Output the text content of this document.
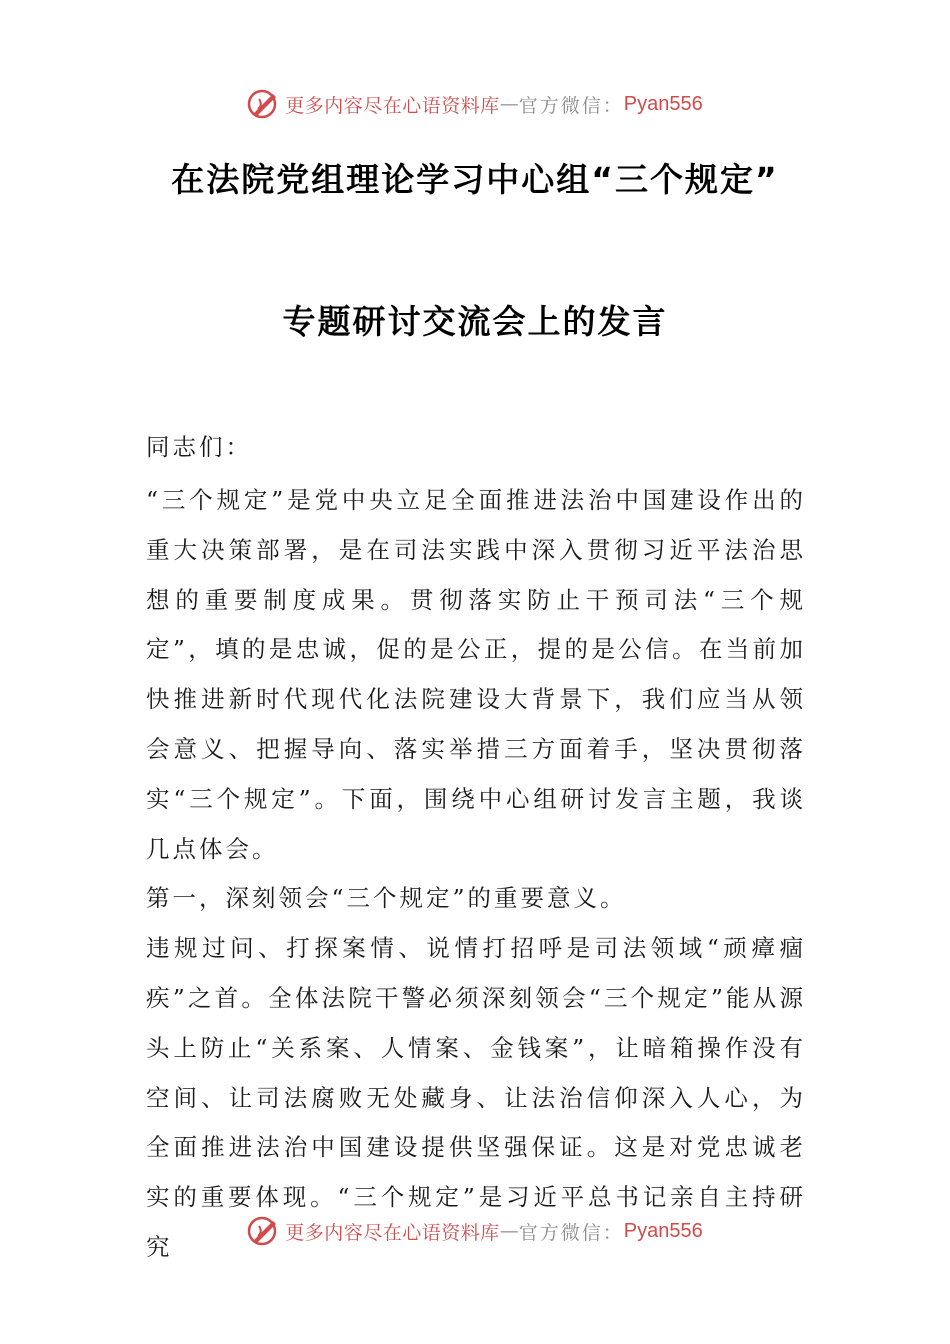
更多内容尽在心语资料库 — 官方微信： Pyan556
在法院党组理论学习中心组“三个规定”
专题研讨交流会上的发言
同志们：

“三个规定”是党中央立足全面推进法治中国建设作出的重大决策部署，是在司法实践中深入贯彻习近平法治思想的重要制度成果。贯彻落实防止干预司法“三个规定”，填的是忠诚，促的是公正，提的是公信。在当前加快推进新时代现代化法院建设大背景下，我们应当从领会意义、把握导向、落实举措三方面着手，坚决贯彻落实“三个规定”。下面，围绕中心组研讨发言主题，我谈几点体会。

第一，深刻领会“三个规定”的重要意义。

违规过问、打探案情、说情打招呼是司法领域“顽瘴痼疾”之首。全体法院干警必须深刻领会“三个规定”能从源头上防止“关系案、人情案、金钱案”，让暗箱操作没有空间、让司法腐败无处藏身、让法治信仰深入人心，为全面推进法治中国建设提供坚强保证。这是对党忠诚老实的重要体现。“三个规定”是习近平总书记亲自主持研究

更多内容尽在心语资料库 — 官方微信： Pyan556
